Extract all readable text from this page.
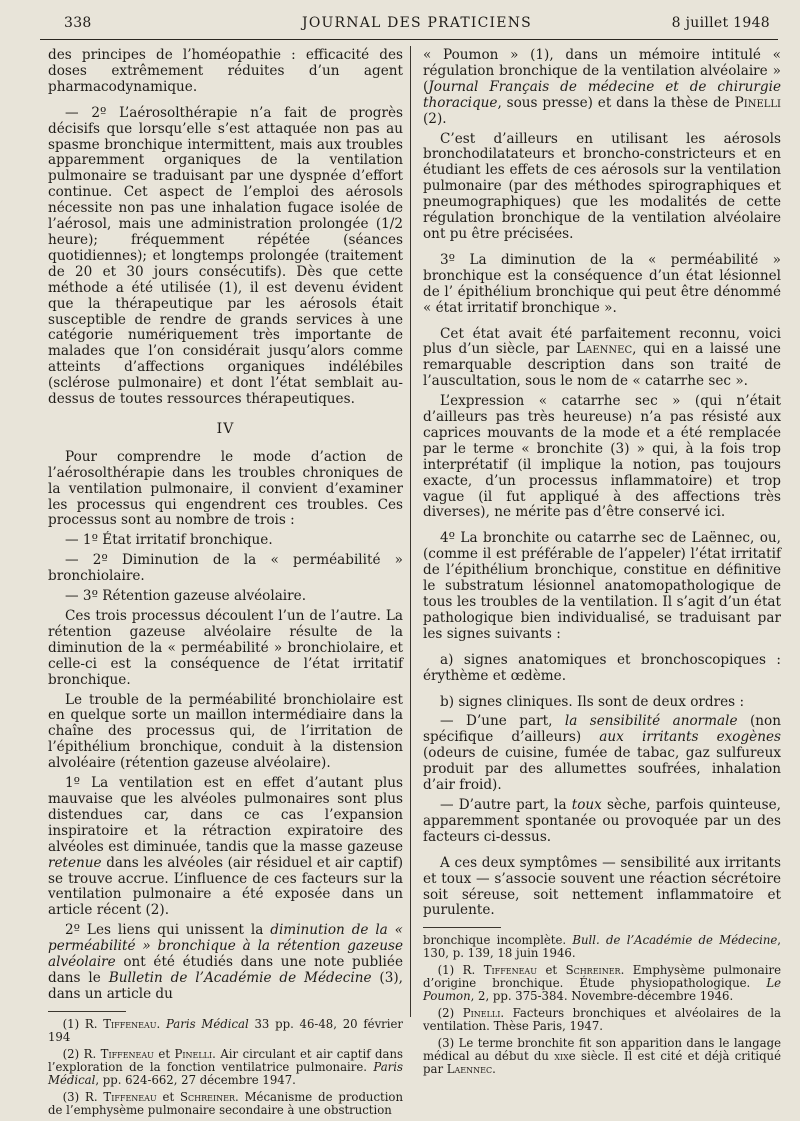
338	JOURNAL DES PRATICIENS	8 juillet 1948

des principes de l’homéopathie : efficacité des doses extrêmement réduites d’un agent pharmacodynamique.

— 2º L’aérosolthérapie n’a fait de progrès décisifs que lorsqu’elle s’est attaquée non pas au spasme bronchique intermittent, mais aux troubles apparemment organiques de la ventilation pulmonaire se traduisant par une dyspnée d’effort continue. Cet aspect de l’emploi des aérosols nécessite non pas une inhalation fugace isolée de l’aérosol, mais une administration prolongée (1/2 heure); fréquemment répétée (séances quotidiennes); et longtemps prolongée (traitement de 20 et 30 jours consécutifs). Dès que cette méthode a été utilisée (1), il est devenu évident que la thérapeutique par les aérosols était susceptible de rendre de grands services à une catégorie numériquement très importante de malades que l’on considérait jusqu’alors comme atteints d’affections organiques indélébiles (sclérose pulmonaire) et dont l’état semblait au-dessus de toutes ressources thérapeutiques.

IV

Pour comprendre le mode d’action de l’aérosolthérapie dans les troubles chroniques de la ventilation pulmonaire, il convient d’examiner les processus qui engendrent ces troubles. Ces processus sont au nombre de trois :

— 1º État irritatif bronchique.

— 2º Diminution de la « perméabilité » bronchiolaire.

— 3º Rétention gazeuse alvéolaire.

Ces trois processus découlent l’un de l’autre. La rétention gazeuse alvéolaire résulte de la diminution de la « perméabilité » bronchiolaire, et celle-ci est la conséquence de l’état irritatif bronchique.

Le trouble de la perméabilité bronchiolaire est en quelque sorte un maillon intermédiaire dans la chaîne des processus qui, de l’irritation de l’épithélium bronchique, conduit à la distension alvoléaire (rétention gazeuse alvéolaire).

1º La ventilation est en effet d’autant plus mauvaise que les alvéoles pulmonaires sont plus distendues car, dans ce cas l’expansion inspiratoire et la rétraction expiratoire des alvéoles est diminuée, tandis que la masse gazeuse retenue dans les alvéoles (air résiduel et air captif) se trouve accrue. L’influence de ces facteurs sur la ventilation pulmonaire a été exposée dans un article récent (2).

2º Les liens qui unissent la diminution de la « perméabilité » bronchique à la rétention gazeuse alvéolaire ont été étudiés dans une note publiée dans le Bulletin de l’Académie de Médecine (3), dans un article du

(1) R. Tiffeneau. Paris Médical 33 pp. 46-48, 20 février 194

(2) R. Tiffeneau et Pinelli. Air circulant et air captif dans l’exploration de la fonction ventilatrice pulmonaire. Paris Médical, pp. 624-662, 27 décembre 1947.

(3) R. Tiffeneau et Schreiner. Mécanisme de production de l’emphysème pulmonaire secondaire à une obstruction

« Poumon » (1), dans un mémoire intitulé « régulation bronchique de la ventilation alvéolaire » (Journal Français de médecine et de chirurgie thoracique, sous presse) et dans la thèse de Pinelli (2).

C’est d’ailleurs en utilisant les aérosols bronchodilatateurs et broncho-constricteurs et en étudiant les effets de ces aérosols sur la ventilation pulmonaire (par des méthodes spirographiques et pneumographiques) que les modalités de cette régulation bronchique de la ventilation alvéolaire ont pu être précisées.

3º La diminution de la « perméabilité » bronchique est la conséquence d’un état lésionnel de l’ épithélium bronchique qui peut être dénommé « état irritatif bronchique ».

Cet état avait été parfaitement reconnu, voici plus d’un siècle, par Laennec, qui en a laissé une remarquable description dans son traité de l’auscultation, sous le nom de « catarrhe sec ».

L’expression « catarrhe sec » (qui n’était d’ailleurs pas très heureuse) n’a pas résisté aux caprices mouvants de la mode et a été remplacée par le terme « bronchite (3) » qui, à la fois trop interprétatif (il implique la notion, pas toujours exacte, d’un processus inflammatoire) et trop vague (il fut appliqué à des affections très diverses), ne mérite pas d’être conservé ici.

4º La bronchite ou catarrhe sec de Laënnec, ou, (comme il est préférable de l’appeler) l’état irritatif de l’épithélium bronchique, constitue en définitive le substratum lésionnel anatomopathologique de tous les troubles de la ventilation. Il s’agit d’un état pathologique bien individualisé, se traduisant par les signes suivants :

a) signes anatomiques et bronchoscopiques : érythème et œdème.

b) signes cliniques. Ils sont de deux ordres :

— D’une part, la sensibilité anormale (non spécifique d’ailleurs) aux irritants exogènes (odeurs de cuisine, fumée de tabac, gaz sulfureux produit par des allumettes soufrées, inhalation d’air froid).

— D’autre part, la toux sèche, parfois quinteuse, apparemment spontanée ou provoquée par un des facteurs ci-dessus.

A ces deux symptômes — sensibilité aux irritants et toux — s’associe souvent une réaction sécrétoire soit séreuse, soit nettement inflammatoire et purulente.

bronchique incomplète. Bull. de l’Académie de Médecine, 130, p. 139, 18 juin 1946.

(1) R. Tiffeneau et Schreiner. Emphysème pulmonaire d’origine bronchique. Étude physiopathologique. Le Poumon, 2, pp. 375-384. Novembre-décembre 1946.

(2) Pinelli. Facteurs bronchiques et alvéolaires de la ventilation. Thèse Paris, 1947.

(3) Le terme bronchite fit son apparition dans le langage médical au début du xixe siècle. Il est cité et déjà critiqué par Laennec.
